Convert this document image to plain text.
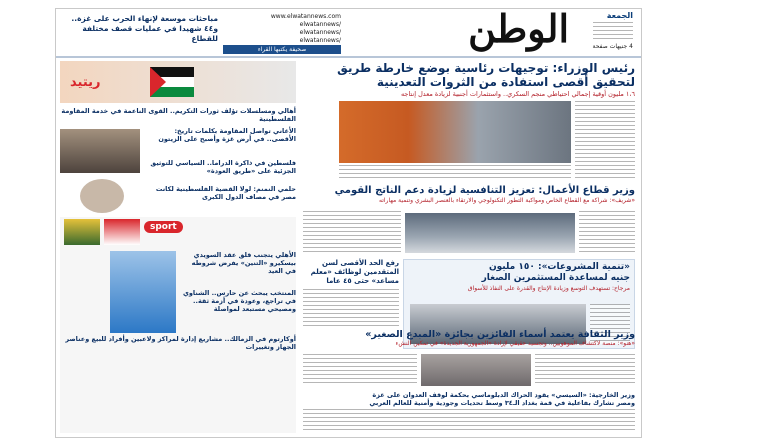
الجمعة
4 جنيهات صفحة
الوطن
www.elwatannews.com
/elwatannews
/elwatannews
/elwatannews
صحيفة يكتبها القراء
مباحثات موسعة لإنهاء الحرب على غزة.. و٤٤ شهيدا في عمليات قصف مختلفة للقطاع
رئيس الوزراء: توجيهات رئاسية بوضع خارطة طريق
لتحقيق أقصى استفادة من الثروات التعدينية
١،٦ مليون أوقية إجمالي احتياطي منجم السكري.. واستثمارات أجنبية لزيادة معدل إنتاجه
وزير قطاع الأعمال: تعزيز التنافسية لزيادة دعم الناتج القومي
«شريف»: شراكة مع القطاع الخاص ومواكبة التطور التكنولوجي والارتقاء بالعنصر البشري وتنمية مهاراته
رفع الحد الأقصى لسن المتقدمين لوظائف «معلم مساعد» حتى ٤٥ عاما
«تنمية المشروعات»: ١٥٠ مليون
جنيه لمساعدة المستثمرين الصغار
مرجاح: تستهدف التوسع وزيادة الإنتاج والقدرة على النفاذ للأسواق
وزير الثقافة يعتمد أسماء الفائزين بجائزة «المبدع الصغير»
«هنو»: منصة لاكتشاف الموهوبين.. وتجسيد حقيقي لإرادة «الجمهورية الجديدة» في تمكين النشء
وزير الخارجية: «السيسي» يقود الحراك الدبلوماسي بحكمة لوقف العدوان على غزة
ومصر تشارك بفاعلية في قمة بغداد الـ٣٤ وسط تحديات وجودية وأمنية للعالم العربي
ريتيد
أهالي ومسلسلات تؤلف ثورات التكريم.. القوى الناعمة في خدمة المقاومة الفلسطينية
الأغاني تواصل المقاومة بكلمات تاريخ: الأقصى.. في أرض غزة وأصبح على الزيتون
فلسطين في ذاكرة الدراما.. السياسي للتوثيق الجزئية على «طريق العودة»
حلمي النمنم: لولا القضية الفلسطينية لكانت مصر في مصاف الدول الكبرى
sport
الأهلي يتجنب قلق عقد السويدي بيسكيرو «التنين» يفرض شروطه في العيد
المنتخب يبحث عن حارس.. الشناوي في تراجع، وعودة في أزمة ثقة.. ومصيحي مستبعد لمواصلة
أوكارتوم في الزمالك.. مشاريع إدارة لمراكز ولاعبين وأفراد للبيع وعناصر الجهاز وتغييرات
